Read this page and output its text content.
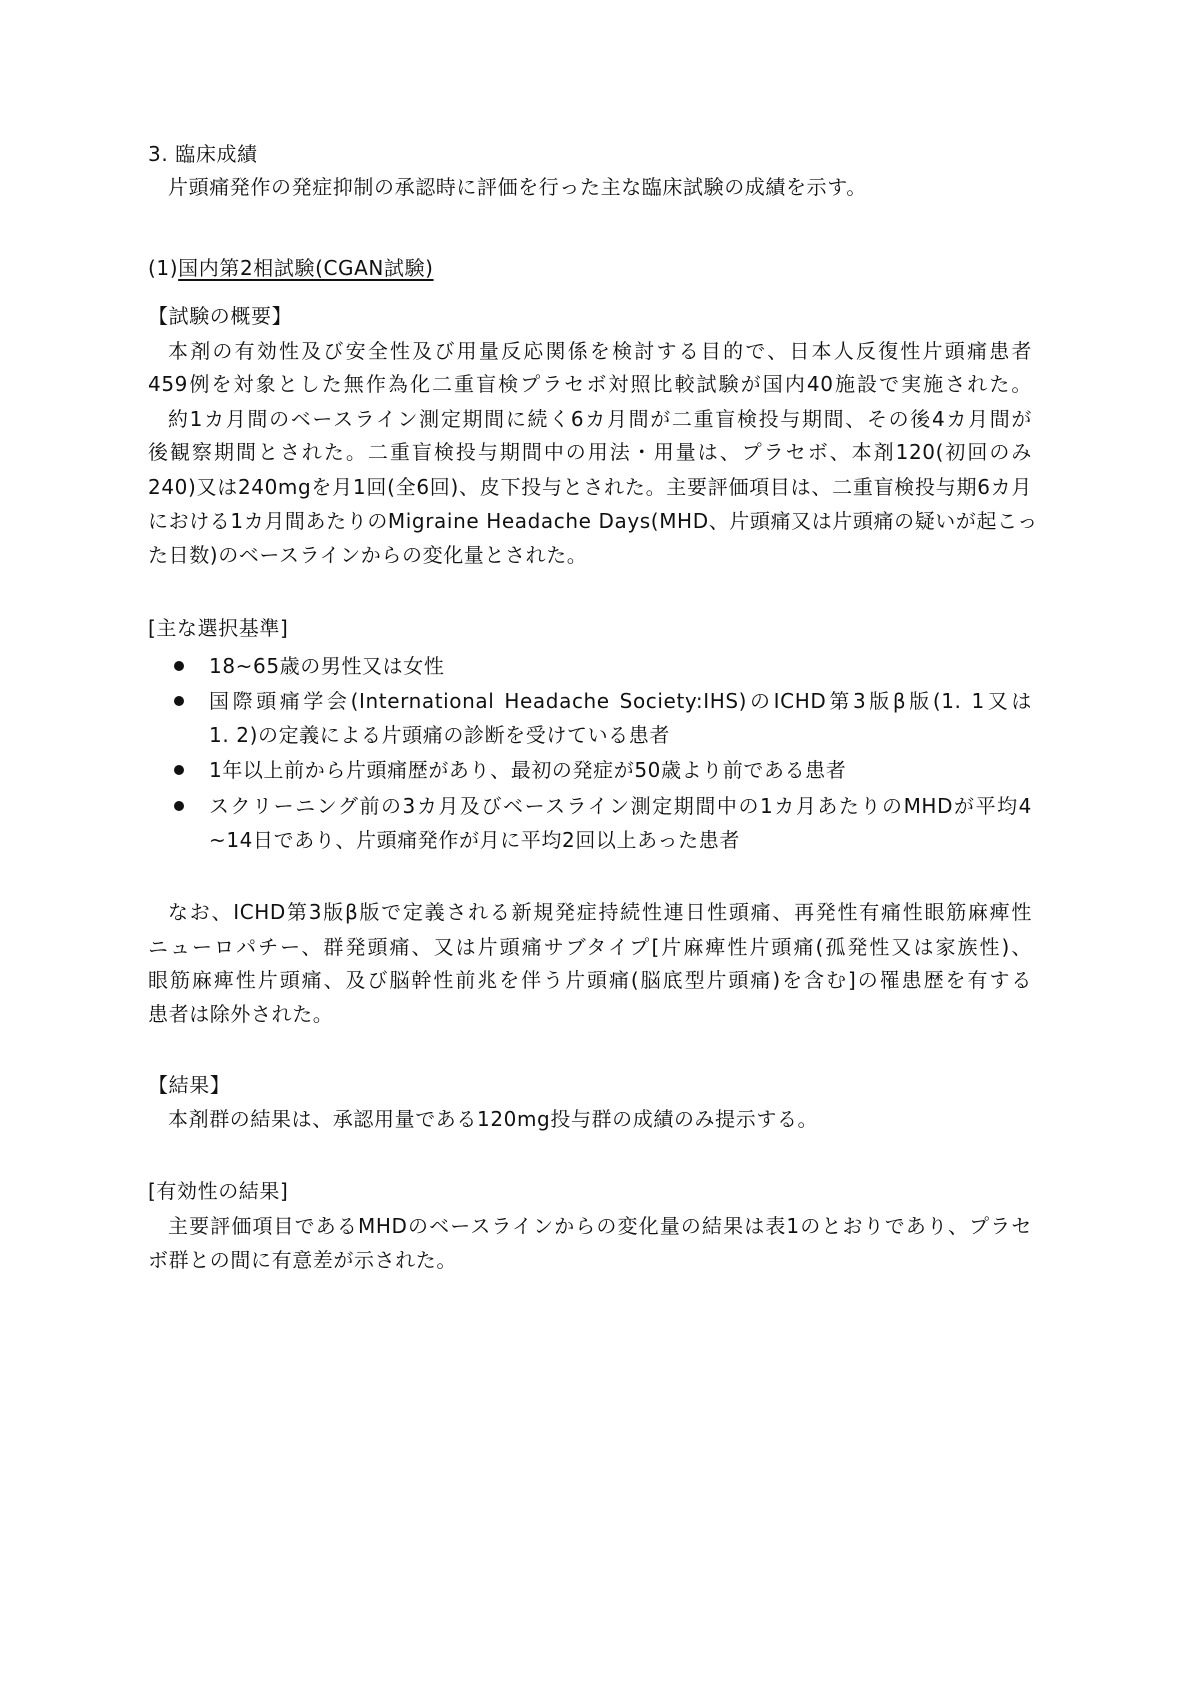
3. 臨床成績
片頭痛発作の発症抑制の承認時に評価を行った主な臨床試験の成績を示す。
(1)国内第2相試験(CGAN試験)
【試験の概要】
本剤の有効性及び安全性及び用量反応関係を検討する目的で、日本人反復性片頭痛患者
459例を対象とした無作為化二重盲検プラセボ対照比較試験が国内40施設で実施された。
約1カ月間のベースライン測定期間に続く6カ月間が二重盲検投与期間、その後4カ月間が
後観察期間とされた。二重盲検投与期間中の用法・用量は、プラセボ、本剤120(初回のみ
240)又は240mgを月1回(全6回)、皮下投与とされた。主要評価項目は、二重盲検投与期6カ月
における1カ月間あたりのMigraine Headache Days(MHD、片頭痛又は片頭痛の疑いが起こっ
た日数)のベースラインからの変化量とされた。
[主な選択基準]
18~65歳の男性又は女性
国際頭痛学会(International Headache Society:IHS)のICHD第3版β版(1. 1又は
1. 2)の定義による片頭痛の診断を受けている患者
1年以上前から片頭痛歴があり、最初の発症が50歳より前である患者
スクリーニング前の3カ月及びベースライン測定期間中の1カ月あたりのMHDが平均4
~14日であり、片頭痛発作が月に平均2回以上あった患者
なお、ICHD第3版β版で定義される新規発症持続性連日性頭痛、再発性有痛性眼筋麻痺性
ニューロパチー、群発頭痛、又は片頭痛サブタイプ[片麻痺性片頭痛(孤発性又は家族性)、
眼筋麻痺性片頭痛、及び脳幹性前兆を伴う片頭痛(脳底型片頭痛)を含む]の罹患歴を有する
患者は除外された。
【結果】
本剤群の結果は、承認用量である120mg投与群の成績のみ提示する。
[有効性の結果]
主要評価項目であるMHDのベースラインからの変化量の結果は表1のとおりであり、プラセ
ボ群との間に有意差が示された。
